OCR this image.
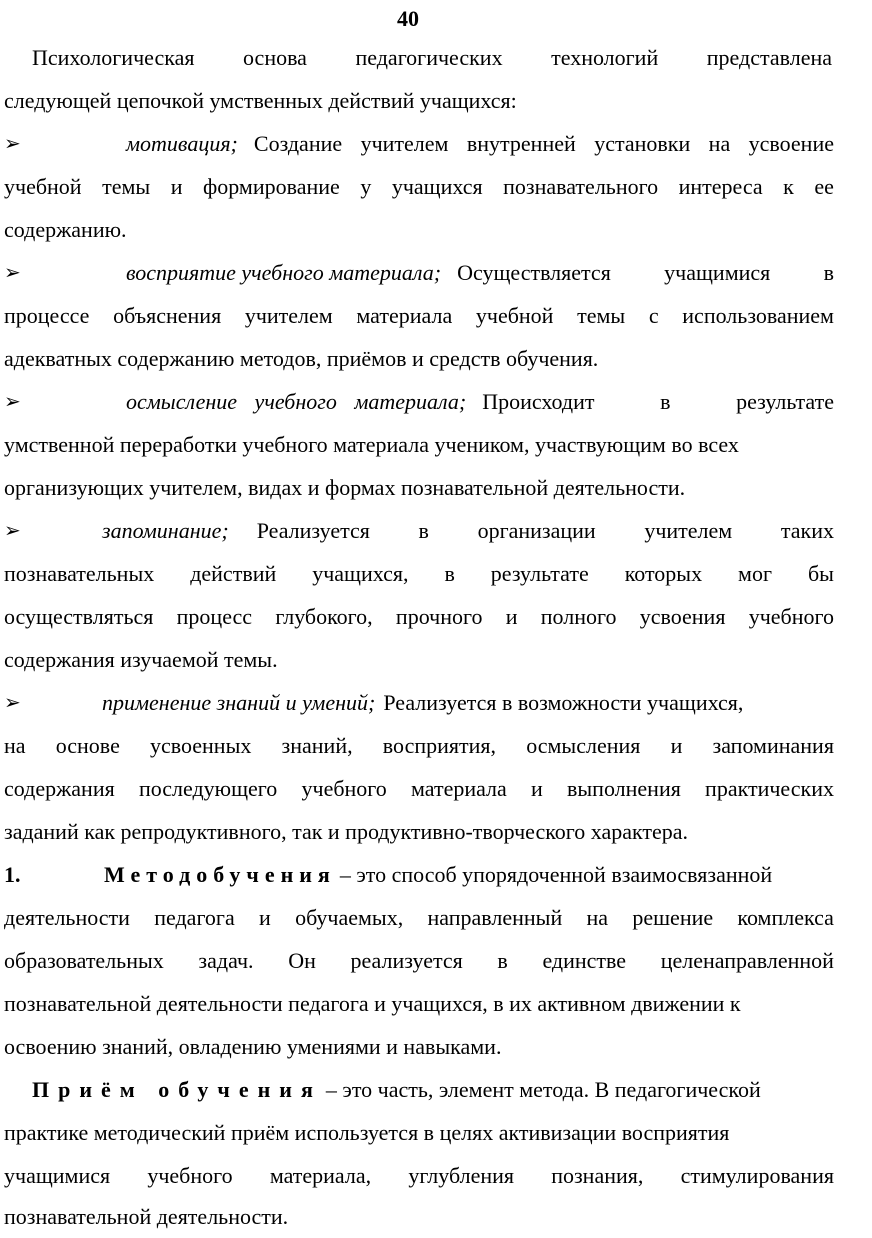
40
Психологическая основа педагогических технологий представлена
следующей цепочкой умственных действий учащихся:
➢	мотивация; Создание учителем внутренней установки на усвоение
учебной темы и формирование у учащихся познавательного интереса к ее
содержанию.
➢	восприятие учебного материала; Осуществляется учащимися в
процессе объяснения учителем материала учебной темы с использованием
адекватных содержанию методов, приёмов и средств обучения.
➢	осмысление учебного материала; Происходит	в	результате
умственной переработки учебного материала учеником, участвующим во всех
организующих учителем, видах и формах познавательной деятельности.
➢	запоминание; Реализуется в организации учителем таких
познавательных действий учащихся, в результате которых мог бы
осуществляться процесс глубокого, прочного и полного усвоения учебного
содержания изучаемой темы.
➢	применение знаний и умений; Реализуется в возможности учащихся,
на основе усвоенных знаний, восприятия, осмысления и запоминания
содержания последующего учебного материала и выполнения практических
заданий как репродуктивного, так и продуктивно-творческого характера.
1.	Методобучения – это способ упорядоченной взаимосвязанной
деятельности педагога и обучаемых, направленный на решение комплекса
образовательных задач. Он реализуется в единстве целенаправленной
познавательной деятельности педагога и учащихся, в их активном движении к
освоению знаний, овладению умениями и навыками.
Приём обучения – это часть, элемент метода. В педагогической
практике методический приём используется в целях активизации восприятия
учащимися учебного материала, углубления познания, стимулирования
познавательной деятельности.
